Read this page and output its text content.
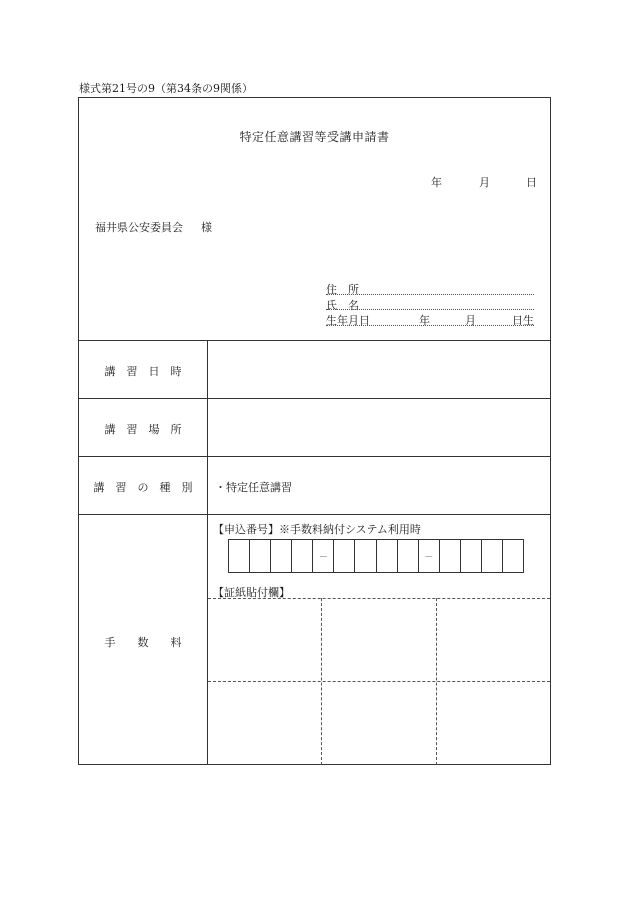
様式第21号の9（第34条の9関係）
特定任意講習等受講申請書
年	月	日
福井県公安委員会 様
住　所
氏　名
生年月日	年	月	日生
講　習　日　時
講　習　場　所
講　習　の　種　別	・特定任意講習
手　　数　　料
【申込番号】※手数料納付システム利用時
－	－
【証紙貼付欄】
